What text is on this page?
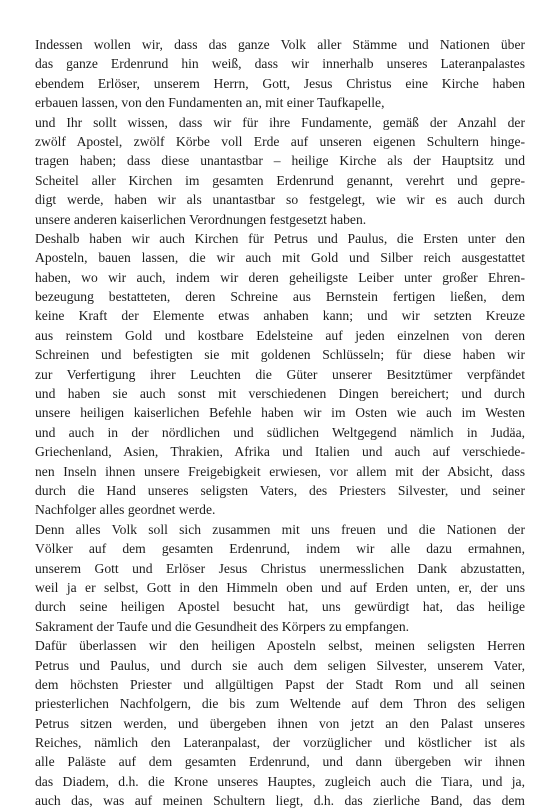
Indessen wollen wir, dass das ganze Volk aller Stämme und Nationen über
das ganze Erdenrund hin weiß, dass wir innerhalb unseres Lateranpalastes
ebendem Erlöser, unserem Herrn, Gott, Jesus Christus eine Kirche haben
erbauen lassen, von den Fundamenten an, mit einer Taufkapelle,
und Ihr sollt wissen, dass wir für ihre Fundamente, gemäß der Anzahl der
zwölf Apostel, zwölf Körbe voll Erde auf unseren eigenen Schultern hinge-
tragen haben; dass diese unantastbar – heilige Kirche als der Hauptsitz und
Scheitel aller Kirchen im gesamten Erdenrund genannt, verehrt und gepre-
digt werde, haben wir als unantastbar so festgelegt, wie wir es auch durch
unsere anderen kaiserlichen Verordnungen festgesetzt haben.
Deshalb haben wir auch Kirchen für Petrus und Paulus, die Ersten unter den
Aposteln, bauen lassen, die wir auch mit Gold und Silber reich ausgestattet
haben, wo wir auch, indem wir deren geheiligste Leiber unter großer Ehren-
bezeugung bestatteten, deren Schreine aus Bernstein fertigen ließen, dem
keine Kraft der Elemente etwas anhaben kann; und wir setzten Kreuze
aus reinstem Gold und kostbare Edelsteine auf jeden einzelnen von deren
Schreinen und befestigten sie mit goldenen Schlüsseln; für diese haben wir
zur Verfertigung ihrer Leuchten die Güter unserer Besitztümer verpfändet
und haben sie auch sonst mit verschiedenen Dingen bereichert; und durch
unsere heiligen kaiserlichen Befehle haben wir im Osten wie auch im Westen
und auch in der nördlichen und südlichen Weltgegend nämlich in Judäa,
Griechenland, Asien, Thrakien, Afrika und Italien und auch auf verschiede-
nen Inseln ihnen unsere Freigebigkeit erwiesen, vor allem mit der Absicht, dass
durch die Hand unseres seligsten Vaters, des Priesters Silvester, und seiner
Nachfolger alles geordnet werde.
Denn alles Volk soll sich zusammen mit uns freuen und die Nationen der
Völker auf dem gesamten Erdenrund, indem wir alle dazu ermahnen,
unserem Gott und Erlöser Jesus Christus unermesslichen Dank abzustatten,
weil ja er selbst, Gott in den Himmeln oben und auf Erden unten, er, der uns
durch seine heiligen Apostel besucht hat, uns gewürdigt hat, das heilige
Sakrament der Taufe und die Gesundheit des Körpers zu empfangen.
Dafür überlassen wir den heiligen Aposteln selbst, meinen seligsten Herren
Petrus und Paulus, und durch sie auch dem seligen Silvester, unserem Vater,
dem höchsten Priester und allgültigen Papst der Stadt Rom und all seinen
priesterlichen Nachfolgern, die bis zum Weltende auf dem Thron des seligen
Petrus sitzen werden, und übergeben ihnen von jetzt an den Palast unseres
Reiches, nämlich den Lateranpalast, der vorzüglicher und köstlicher ist als
alle Paläste auf dem gesamten Erdenrund, und dann übergeben wir ihnen
das Diadem, d.h. die Krone unseres Hauptes, zugleich auch die Tiara, und ja,
auch das, was auf meinen Schultern liegt, d.h. das zierliche Band, das dem
